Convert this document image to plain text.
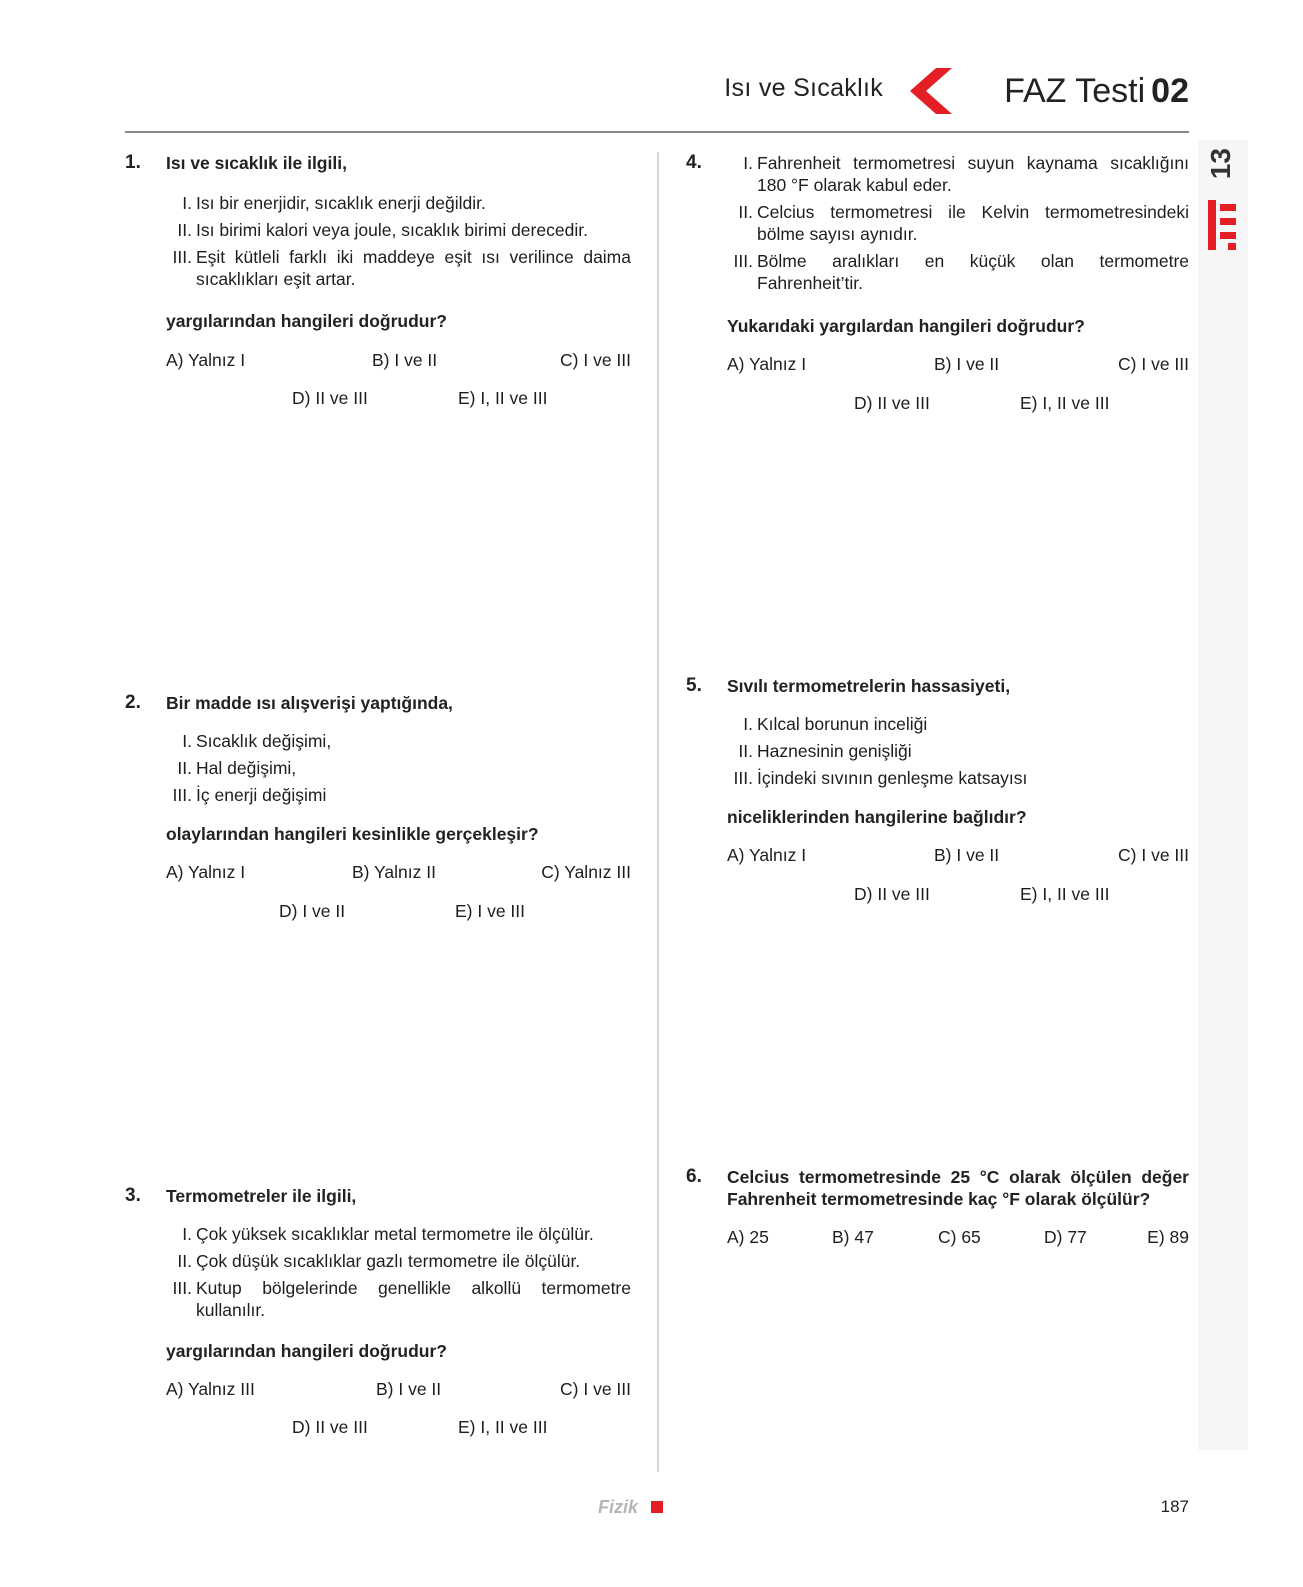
Isı ve Sıcaklık	FAZ Testi 02
13
1. Isı ve sıcaklık ile ilgili,
I. Isı bir enerjidir, sıcaklık enerji değildir.
II. Isı birimi kalori veya joule, sıcaklık birimi derecedir.
III. Eşit kütleli farklı iki maddeye eşit ısı verilince daima sıcaklıkları eşit artar.
yargılarından hangileri doğrudur?
A) Yalnız I	B) I ve II	C) I ve III
D) II ve III	E) I, II ve III
2. Bir madde ısı alışverişi yaptığında,
I. Sıcaklık değişimi,
II. Hal değişimi,
III. İç enerji değişimi
olaylarından hangileri kesinlikle gerçekleşir?
A) Yalnız I	B) Yalnız II	C) Yalnız III
D) I ve II	E) I ve III
3. Termometreler ile ilgili,
I. Çok yüksek sıcaklıklar metal termometre ile ölçülür.
II. Çok düşük sıcaklıklar gazlı termometre ile ölçülür.
III. Kutup bölgelerinde genellikle alkollü termometre kullanılır.
yargılarından hangileri doğrudur?
A) Yalnız III	B) I ve II	C) I ve III
D) II ve III	E) I, II ve III
4.	I. Fahrenheit termometresi suyun kaynama sıcaklığını 180 °F olarak kabul eder.
II. Celcius termometresi ile Kelvin termometresindeki bölme sayısı aynıdır.
III. Bölme aralıkları en küçük olan termometre Fahrenheit’tir.
Yukarıdaki yargılardan hangileri doğrudur?
A) Yalnız I	B) I ve II	C) I ve III
D) II ve III	E) I, II ve III
5. Sıvılı termometrelerin hassasiyeti,
I. Kılcal borunun inceliği
II. Haznesinin genişliği
III. İçindeki sıvının genleşme katsayısı
niceliklerinden hangilerine bağlıdır?
A) Yalnız I	B) I ve II	C) I ve III
D) II ve III	E) I, II ve III
6. Celcius termometresinde 25 °C olarak ölçülen değer Fahrenheit termometresinde kaç °F olarak ölçülür?
A) 25	B) 47	C) 65	D) 77	E) 89
Fizik	187
